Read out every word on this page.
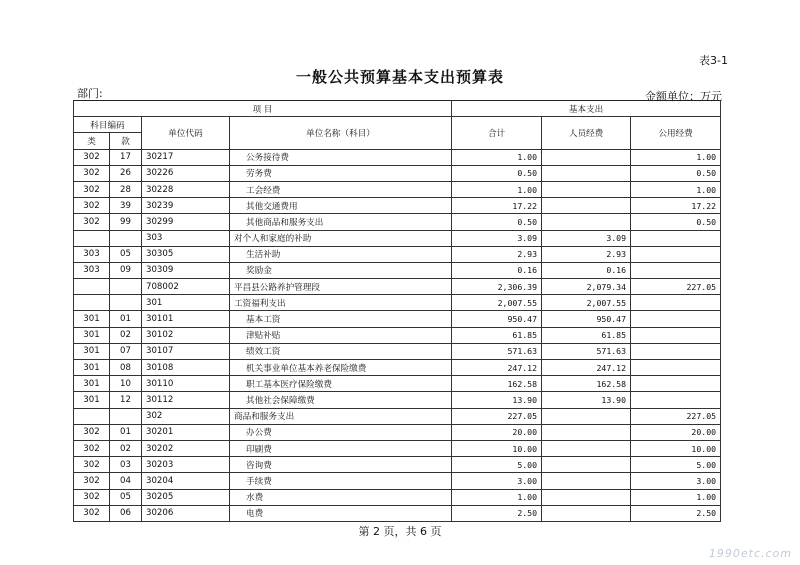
表3-1
一般公共预算基本支出预算表
部门:	金额单位：万元
项 目				基本支出		
科目编码		单位代码	单位名称（科目）	合计	人员经费	公用经费
类	款					
302	17	30217	公务接待费	1.00		1.00
302	26	30226	劳务费	0.50		0.50
302	28	30228	工会经费	1.00		1.00
302	39	30239	其他交通费用	17.22		17.22
302	99	30299	其他商品和服务支出	0.50		0.50
		303	对个人和家庭的补助	3.09	3.09	
303	05	30305	生活补助	2.93	2.93	
303	09	30309	奖励金	0.16	0.16	
		708002	平昌县公路养护管理段	2,306.39	2,079.34	227.05
		301	工资福利支出	2,007.55	2,007.55	
301	01	30101	基本工资	950.47	950.47	
301	02	30102	津贴补贴	61.85	61.85	
301	07	30107	绩效工资	571.63	571.63	
301	08	30108	机关事业单位基本养老保险缴费	247.12	247.12	
301	10	30110	职工基本医疗保险缴费	162.58	162.58	
301	12	30112	其他社会保障缴费	13.90	13.90	
		302	商品和服务支出	227.05		227.05
302	01	30201	办公费	20.00		20.00
302	02	30202	印刷费	10.00		10.00
302	03	30203	咨询费	5.00		5.00
302	04	30204	手续费	3.00		3.00
302	05	30205	水费	1.00		1.00
302	06	30206	电费	2.50		2.50
第 2 页，共 6 页
1990etc.com
